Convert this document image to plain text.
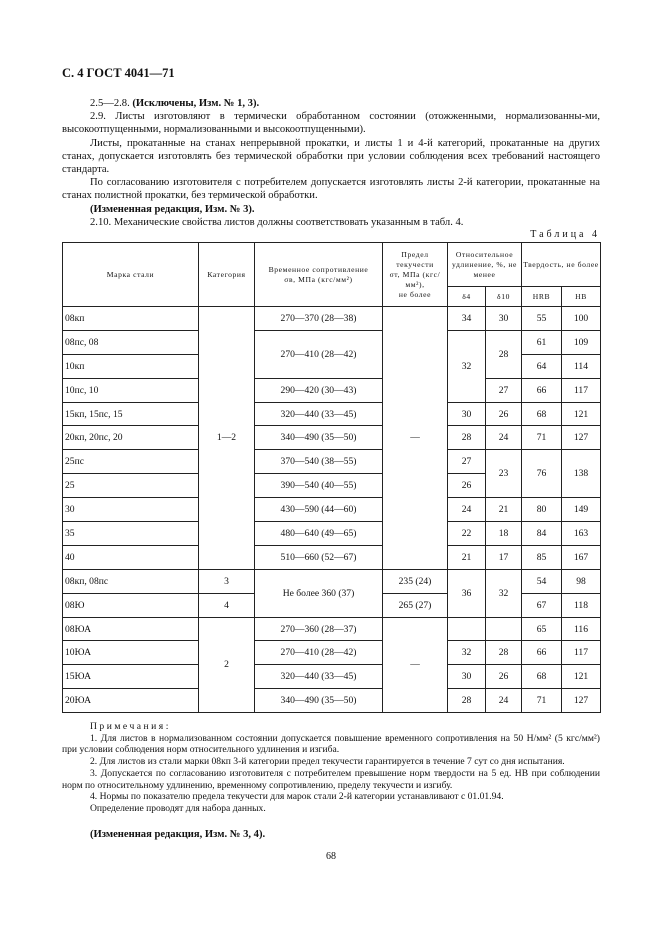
С. 4 ГОСТ 4041—71

2.5—2.8. (Исключены, Изм. № 1, 3).

2.9. Листы изготовляют в термически обработанном состоянии (отожженными, нормализованны-ми, высокоотпущенными, нормализованными и высокоотпущенными).

Листы, прокатанные на станах непрерывной прокатки, и листы 1 и 4-й категорий, прокатанные на других станах, допускается изготовлять без термической обработки при условии соблюдения всех требований настоящего стандарта.

По согласованию изготовителя с потребителем допускается изготовлять листы 2-й категории, прокатанные на станах полистной прокатки, без термической обработки.

(Измененная редакция, Изм. № 3).

2.10. Механические свойства листов должны соответствовать указанным в табл. 4.

Таблица 4
Марка стали	Категория	Временное сопротивление
σв, МПа (кгс/мм²)	Предел текучести
σт, МПа (кгс/мм²),
не более	Относительное удлинение, %, не менее		Твердость, не более	
				δ4	δ10	HRB	HB
08кп	1—2	270—370 (28—38)	—	34	30	55	100
08пс, 08		270—410 (28—42)		32	28	61	109
10кп						64	114
10пс, 10		290—420 (30—43)			27	66	117
15кп, 15пс, 15		320—440 (33—45)		30	26	68	121
20кп, 20пс, 20		340—490 (35—50)		28	24	71	127
25пс		370—540 (38—55)		27	23	76	138
25		390—540 (40—55)		26			
30		430—590 (44—60)		24	21	80	149
35		480—640 (49—65)		22	18	84	163
40		510—660 (52—67)		21	17	85	167
08кп, 08пс	3	Не более 360 (37)	235 (24)	36	32	54	98
08Ю	4		265 (27)			67	118
08ЮА	2	270—360 (28—37)	—			65	116
10ЮА		270—410 (28—42)		32	28	66	117
15ЮА		320—440 (33—45)		30	26	68	121
20ЮА		340—490 (35—50)		28	24	71	127

Примечания:

1. Для листов в нормализованном состоянии допускается повышение временного сопротивления на 50 Н/мм² (5 кгс/мм²) при условии соблюдения норм относительного удлинения и изгиба.

2. Для листов из стали марки 08кп 3-й категории предел текучести гарантируется в течение 7 сут со дня испытания.

3. Допускается по согласованию изготовителя с потребителем превышение норм твердости на 5 ед. НВ при соблюдении норм по относительному удлинению, временному сопротивлению, пределу текучести и изгибу.

4. Нормы по показателю предела текучести для марок стали 2-й категории устанавливают с 01.01.94.

Определение проводят для набора данных.

(Измененная редакция, Изм. № 3, 4).
68
